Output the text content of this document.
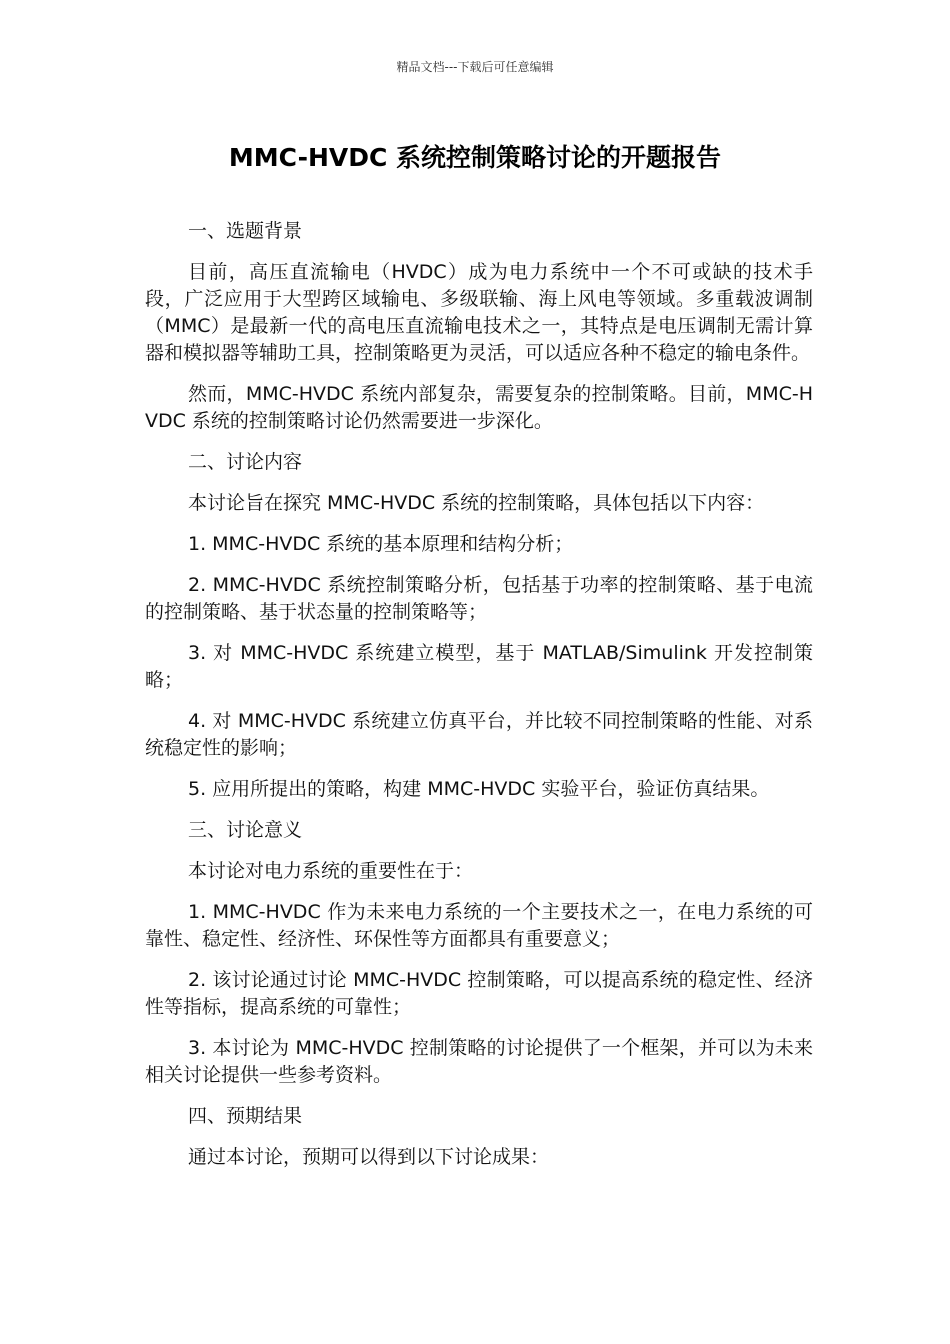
精品文档---下载后可任意编辑
MMC-HVDC 系统控制策略讨论的开题报告

一、选题背景

目前，高压直流输电（HVDC）成为电力系统中一个不可或缺的技术手段，广泛应用于大型跨区域输电、多级联输、海上风电等领域。多重载波调制（MMC）是最新一代的高电压直流输电技术之一，其特点是电压调制无需计算器和模拟器等辅助工具，控制策略更为灵活，可以适应各种不稳定的输电条件。

然而，MMC-HVDC 系统内部复杂，需要复杂的控制策略。目前，MMC-HVDC 系统的控制策略讨论仍然需要进一步深化。

二、讨论内容

本讨论旨在探究 MMC-HVDC 系统的控制策略，具体包括以下内容：

1. MMC-HVDC 系统的基本原理和结构分析；

2. MMC-HVDC 系统控制策略分析，包括基于功率的控制策略、基于电流的控制策略、基于状态量的控制策略等；

3. 对 MMC-HVDC 系统建立模型，基于 MATLAB/Simulink 开发控制策略；

4. 对 MMC-HVDC 系统建立仿真平台，并比较不同控制策略的性能、对系统稳定性的影响；

5. 应用所提出的策略，构建 MMC-HVDC 实验平台，验证仿真结果。

三、讨论意义

本讨论对电力系统的重要性在于：

1. MMC-HVDC 作为未来电力系统的一个主要技术之一，在电力系统的可靠性、稳定性、经济性、环保性等方面都具有重要意义；

2. 该讨论通过讨论 MMC-HVDC 控制策略，可以提高系统的稳定性、经济性等指标，提高系统的可靠性；

3. 本讨论为 MMC-HVDC 控制策略的讨论提供了一个框架，并可以为未来相关讨论提供一些参考资料。

四、预期结果

通过本讨论，预期可以得到以下讨论成果：
